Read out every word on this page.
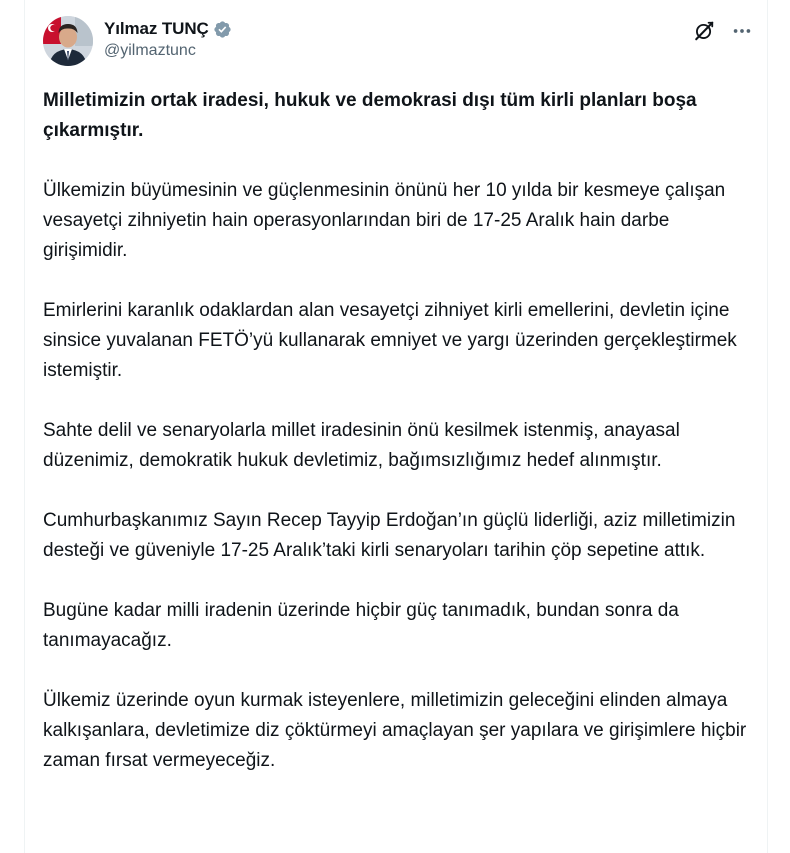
Yılmaz TUNÇ
@yilmaztunc

Milletimizin ortak iradesi, hukuk ve demokrasi dışı tüm kirli planları boşa çıkarmıştır.

Ülkemizin büyümesinin ve güçlenmesinin önünü her 10 yılda bir kesmeye çalışan vesayetçi zihniyetin hain operasyonlarından biri de 17-25 Aralık hain darbe girişimidir.

Emirlerini karanlık odaklardan alan vesayetçi zihniyet kirli emellerini, devletin içine sinsice yuvalanan FETÖ’yü kullanarak emniyet ve yargı üzerinden gerçekleştirmek istemiştir.

Sahte delil ve senaryolarla millet iradesinin önü kesilmek istenmiş, anayasal düzenimiz, demokratik hukuk devletimiz, bağımsızlığımız hedef alınmıştır.

Cumhurbaşkanımız Sayın Recep Tayyip Erdoğan’ın güçlü liderliği, aziz milletimizin desteği ve güveniyle 17-25 Aralık’taki kirli senaryoları tarihin çöp sepetine attık.

Bugüne kadar milli iradenin üzerinde hiçbir güç tanımadık, bundan sonra da tanımayacağız.

Ülkemiz üzerinde oyun kurmak isteyenlere, milletimizin geleceğini elinden almaya kalkışanlara, devletimize diz çöktürmeyi amaçlayan şer yapılara ve girişimlere hiçbir zaman fırsat vermeyeceğiz.
